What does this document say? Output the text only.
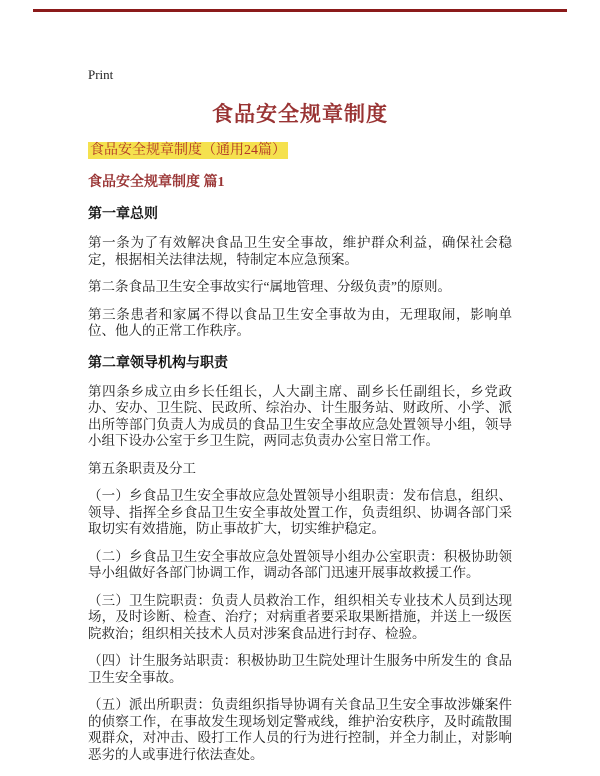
Print
食品安全规章制度
食品安全规章制度（通用24篇）
食品安全规章制度 篇1

第一章总则

第一条为了有效解决食品卫生安全事故，维护群众利益，确保社会稳定，根据相关法律法规，特制定本应急预案。

第二条食品卫生安全事故实行“属地管理、分级负责”的原则。

第三条患者和家属不得以食品卫生安全事故为由，无理取闹，影响单位、他人的正常工作秩序。

第二章领导机构与职责

第四条乡成立由乡长任组长，人大副主席、副乡长任副组长，乡党政办、安办、卫生院、民政所、综治办、计生服务站、财政所、小学、派出所等部门负责人为成员的食品卫生安全事故应急处置领导小组，领导小组下设办公室于乡卫生院，两同志负责办公室日常工作。

第五条职责及分工

（一）乡食品卫生安全事故应急处置领导小组职责：发布信息，组织、领导、指挥全乡食品卫生安全事故处置工作，负责组织、协调各部门采取切实有效措施，防止事故扩大，切实维护稳定。

（二）乡食品卫生安全事故应急处置领导小组办公室职责：积极协助领导小组做好各部门协调工作，调动各部门迅速开展事故救援工作。

（三）卫生院职责：负责人员救治工作，组织相关专业技术人员到达现场，及时诊断、检查、治疗；对病重者要采取果断措施，并送上一级医院救治；组织相关技术人员对涉案食品进行封存、检验。

（四）计生服务站职责：积极协助卫生院处理计生服务中所发生的 食品卫生安全事故。

（五）派出所职责：负责组织指导协调有关食品卫生安全事故涉嫌案件的侦察工作，在事故发生现场划定警戒线，维护治安秩序，及时疏散围观群众，对冲击、殴打工作人员的行为进行控制，并全力制止，对影响恶劣的人或事进行依法查处。
